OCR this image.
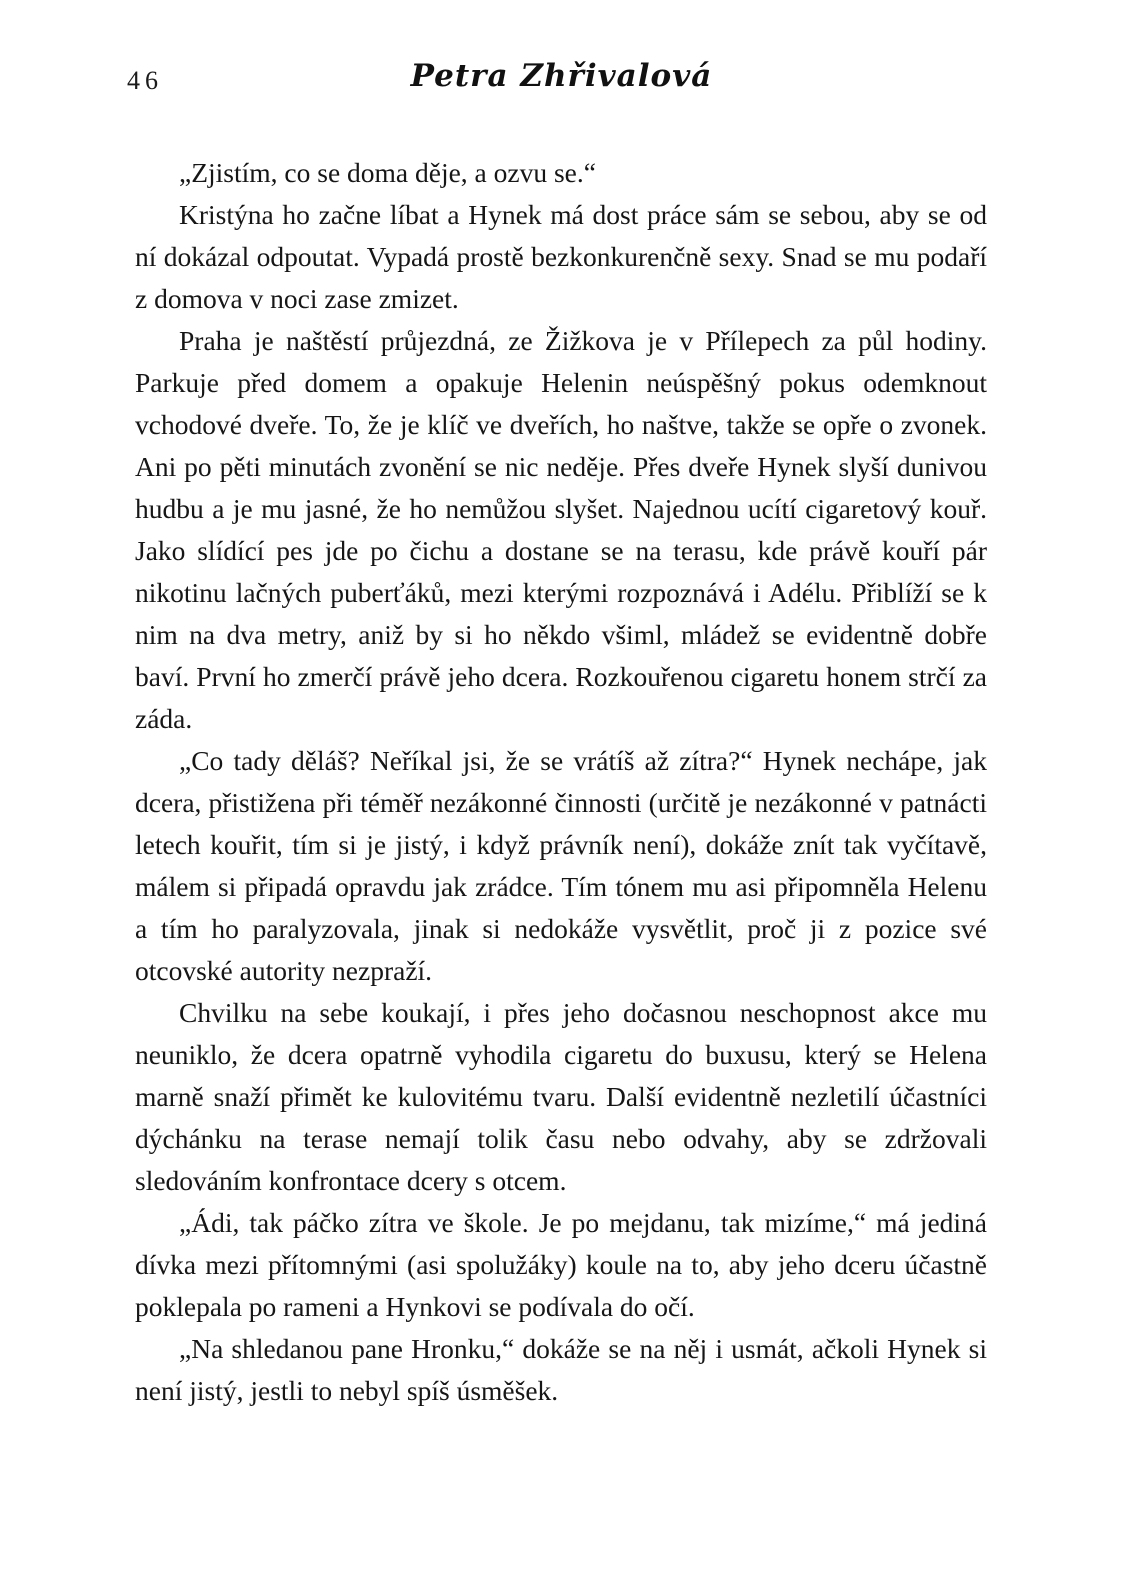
46	Petra Zhřivalová

„Zjistím, co se doma děje, a ozvu se.“

Kristýna ho začne líbat a Hynek má dost práce sám se sebou, aby se od ní dokázal odpoutat. Vypadá prostě bezkonkurenčně sexy. Snad se mu podaří z domova v noci zase zmizet.

Praha je naštěstí průjezdná, ze Žižkova je v Přílepech za půl hodiny. Parkuje před domem a opakuje Helenin neúspěšný pokus odemknout vchodové dveře. To, že je klíč ve dveřích, ho naštve, takže se opře o zvonek. Ani po pěti minutách zvonění se nic neděje. Přes dveře Hynek slyší dunivou hudbu a je mu jasné, že ho nemůžou slyšet. Najednou ucítí cigaretový kouř. Jako slídící pes jde po čichu a dostane se na terasu, kde právě kouří pár nikotinu lačných puberťáků, mezi kterými rozpoznává i Adélu. Přiblíží se k nim na dva metry, aniž by si ho někdo všiml, mládež se evidentně dobře baví. První ho zmerčí právě jeho dcera. Rozkouřenou cigaretu honem strčí za záda.

„Co tady děláš? Neříkal jsi, že se vrátíš až zítra?“ Hynek nechápe, jak dcera, přistižena při téměř nezákonné činnosti (určitě je nezákonné v patnácti letech kouřit, tím si je jistý, i když právník není), dokáže znít tak vyčítavě, málem si připadá opravdu jak zrádce. Tím tónem mu asi připomněla Helenu a tím ho paralyzovala, jinak si nedokáže vysvětlit, proč ji z pozice své otcovské autority nezpraží.

Chvilku na sebe koukají, i přes jeho dočasnou neschopnost akce mu neuniklo, že dcera opatrně vyhodila cigaretu do buxusu, který se Helena marně snaží přimět ke kulovitému tvaru. Další evidentně nezletilí účastníci dýchánku na terase nemají tolik času nebo odvahy, aby se zdržovali sledováním konfrontace dcery s otcem.

„Ádi, tak páčko zítra ve škole. Je po mejdanu, tak mizíme,“ má jediná dívka mezi přítomnými (asi spolužáky) koule na to, aby jeho dceru účastně poklepala po rameni a Hynkovi se podívala do očí.

„Na shledanou pane Hronku,“ dokáže se na něj i usmát, ačkoli Hynek si není jistý, jestli to nebyl spíš úsměšek.
